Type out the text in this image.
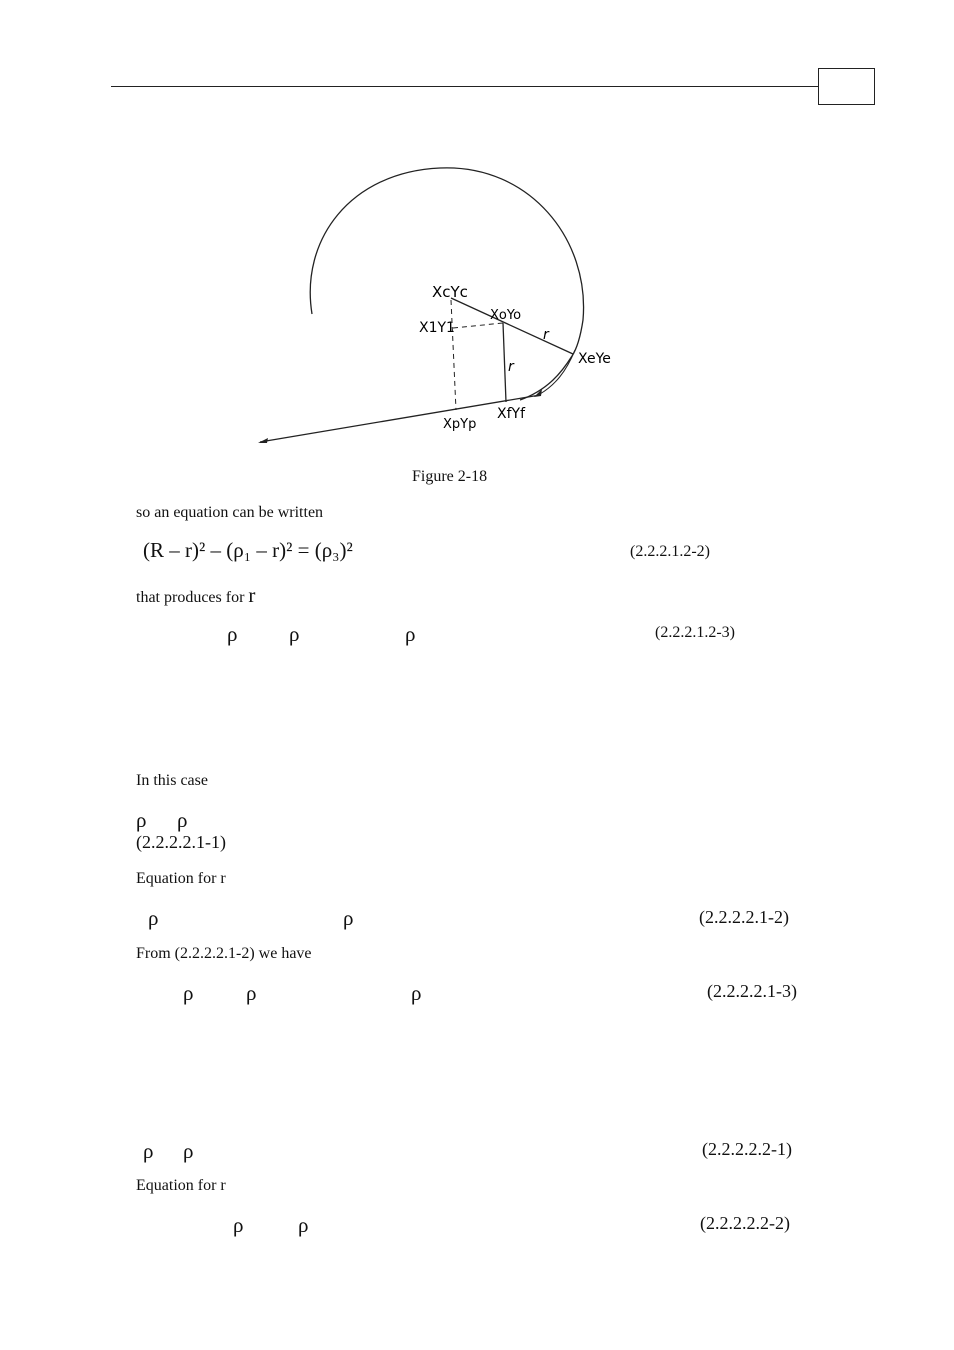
XcYc
XoYo
X1Y1
XeYe
XfYf
XpYp
r
r
Figure 2-18
so an equation can be written
(R – r)² – (ρ₁ – r)² = (ρ₃)²	(2.2.2.1.2-2)
that produces for r
ρ ρ	ρ	(2.2.2.1.2-3)
In this case
ρ ρ
(2.2.2.2.1-1)
Equation for r
ρ	ρ	(2.2.2.2.1-2)
From (2.2.2.2.1-2) we have
ρ	ρ	ρ	(2.2.2.2.1-3)
ρ ρ	(2.2.2.2.2-1)
Equation for r
ρ	ρ	(2.2.2.2.2-2)
